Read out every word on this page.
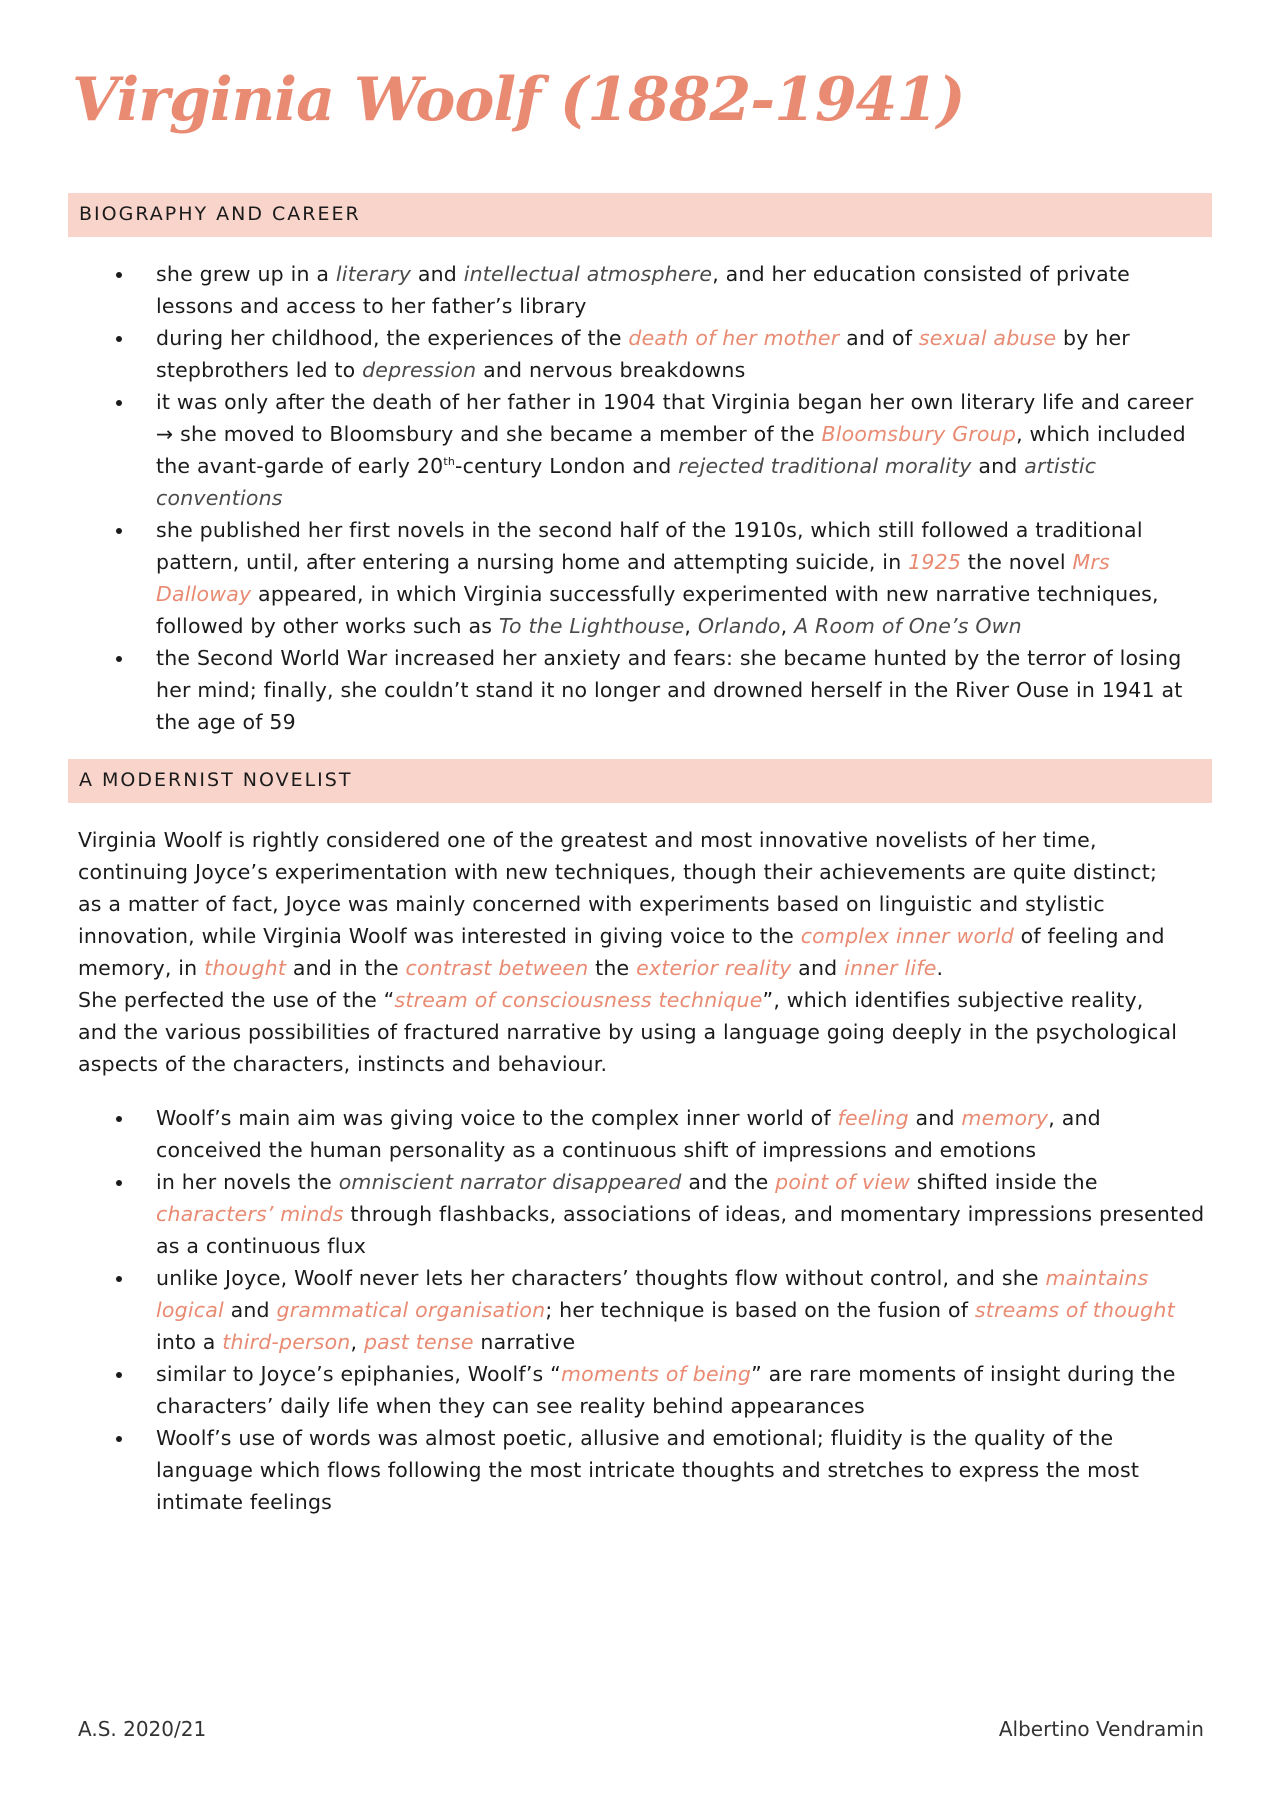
Virginia Woolf (1882-1941)
BIOGRAPHY AND CAREER
she grew up in a literary and intellectual atmosphere, and her education consisted of private lessons and access to her father’s library
during her childhood, the experiences of the death of her mother and of sexual abuse by her stepbrothers led to depression and nervous breakdowns
it was only after the death of her father in 1904 that Virginia began her own literary life and career → she moved to Bloomsbury and she became a member of the Bloomsbury Group, which included the avant-garde of early 20th-century London and rejected traditional morality and artistic conventions
she published her first novels in the second half of the 1910s, which still followed a traditional pattern, until, after entering a nursing home and attempting suicide, in 1925 the novel Mrs Dalloway appeared, in which Virginia successfully experimented with new narrative techniques, followed by other works such as To the Lighthouse, Orlando, A Room of One’s Own
the Second World War increased her anxiety and fears: she became hunted by the terror of losing her mind; finally, she couldn’t stand it no longer and drowned herself in the River Ouse in 1941 at the age of 59
A MODERNIST NOVELIST

Virginia Woolf is rightly considered one of the greatest and most innovative novelists of her time, continuing Joyce’s experimentation with new techniques, though their achievements are quite distinct; as a matter of fact, Joyce was mainly concerned with experiments based on linguistic and stylistic innovation, while Virginia Woolf was interested in giving voice to the complex inner world of feeling and memory, in thought and in the contrast between the exterior reality and inner life.
She perfected the use of the “stream of consciousness technique”, which identifies subjective reality, and the various possibilities of fractured narrative by using a language going deeply in the psychological aspects of the characters, instincts and behaviour.

Woolf’s main aim was giving voice to the complex inner world of feeling and memory, and conceived the human personality as a continuous shift of impressions and emotions
in her novels the omniscient narrator disappeared and the point of view shifted inside the characters’ minds through flashbacks, associations of ideas, and momentary impressions presented as a continuous flux
unlike Joyce, Woolf never lets her characters’ thoughts flow without control, and she maintains logical and grammatical organisation; her technique is based on the fusion of streams of thought into a third-person, past tense narrative
similar to Joyce’s epiphanies, Woolf’s “moments of being” are rare moments of insight during the characters’ daily life when they can see reality behind appearances
Woolf’s use of words was almost poetic, allusive and emotional; fluidity is the quality of the language which flows following the most intricate thoughts and stretches to express the most intimate feelings
A.S. 2020/21	Albertino Vendramin
